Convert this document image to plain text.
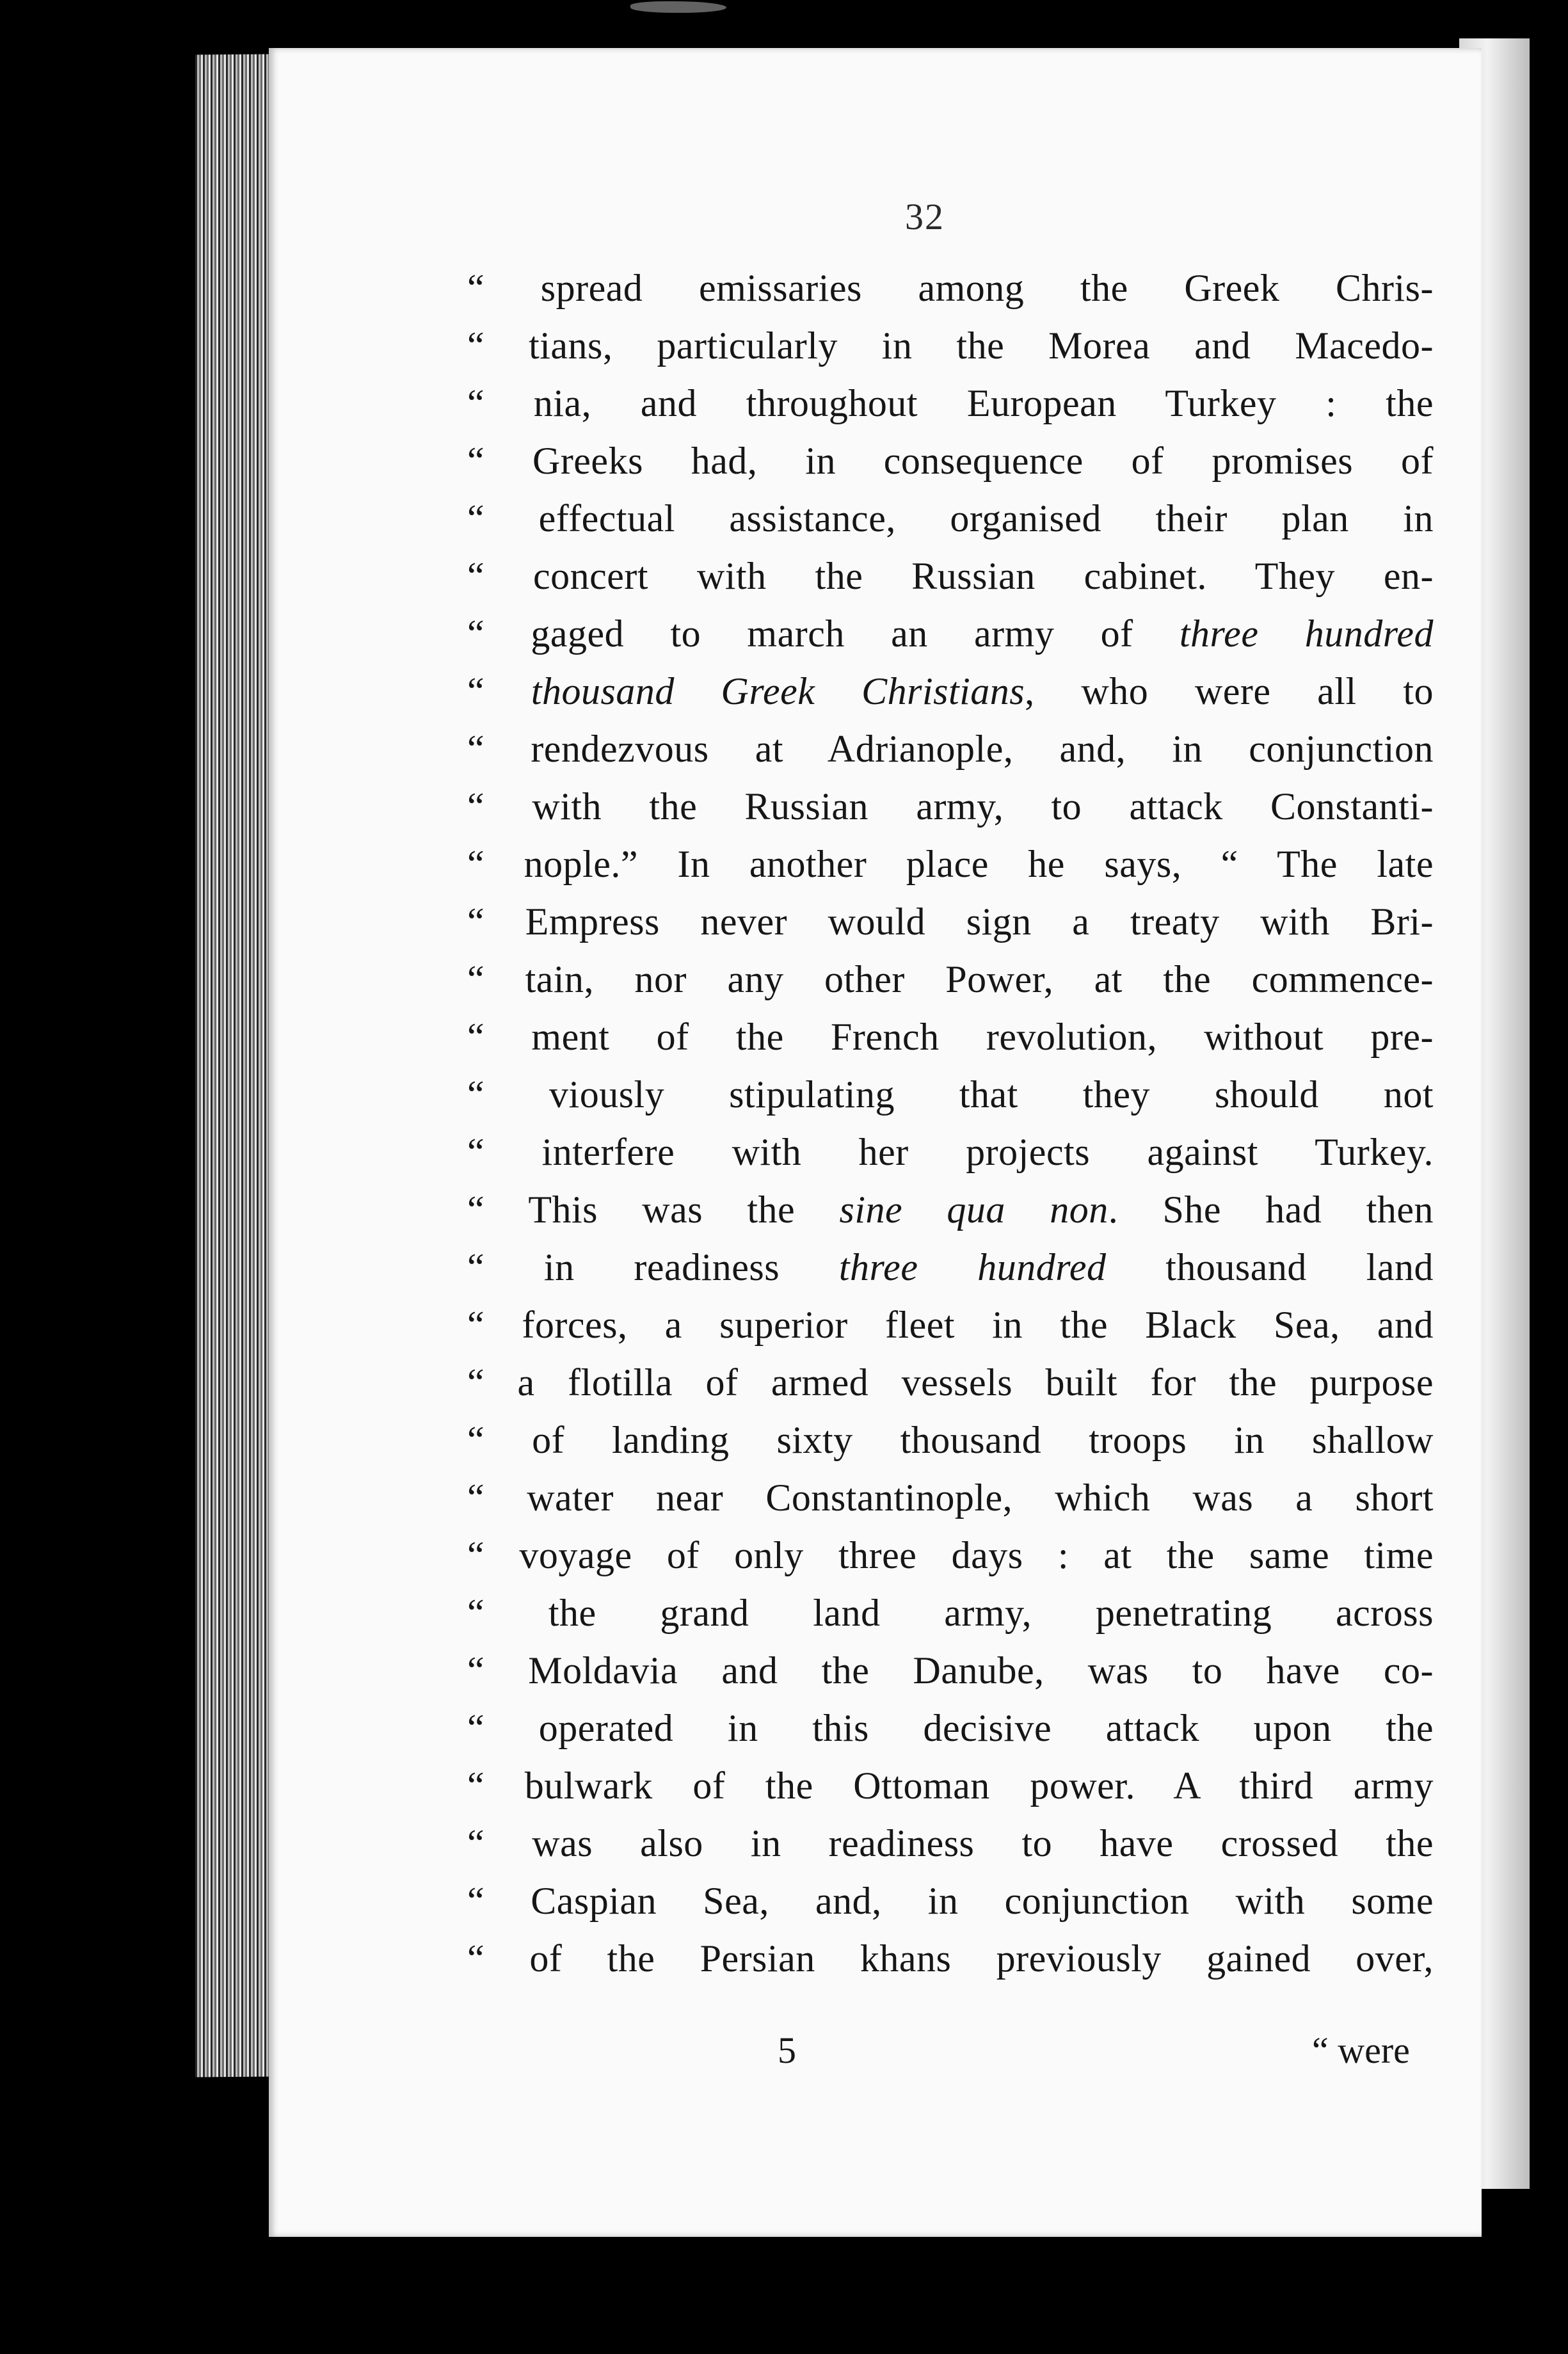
32
“ spread emissaries among the Greek Chris-
“ tians, particularly in the Morea and Macedo-
“ nia, and throughout European Turkey : the
“ Greeks had, in consequence of promises of
“ effectual assistance, organised their plan in
“ concert with the Russian cabinet. They en-
“ gaged to march an army of three hundred
“ thousand Greek Christians, who were all to
“ rendezvous at Adrianople, and, in conjunction
“ with the Russian army, to attack Constanti-
“ nople.” In another place he says, “ The late
“ Empress never would sign a treaty with Bri-
“ tain, nor any other Power, at the commence-
“ ment of the French revolution, without pre-
“ viously stipulating that they should not
“ interfere with her projects against Turkey.
“ This was the sine qua non. She had then
“ in readiness three hundred thousand land
“ forces, a superior fleet in the Black Sea, and
“ a flotilla of armed vessels built for the purpose
“ of landing sixty thousand troops in shallow
“ water near Constantinople, which was a short
“ voyage of only three days : at the same time
“ the grand land army, penetrating across
“ Moldavia and the Danube, was to have co-
“ operated in this decisive attack upon the
“ bulwark of the Ottoman power. A third army
“ was also in readiness to have crossed the
“ Caspian Sea, and, in conjunction with some
“ of the Persian khans previously gained over,
5	“ were
